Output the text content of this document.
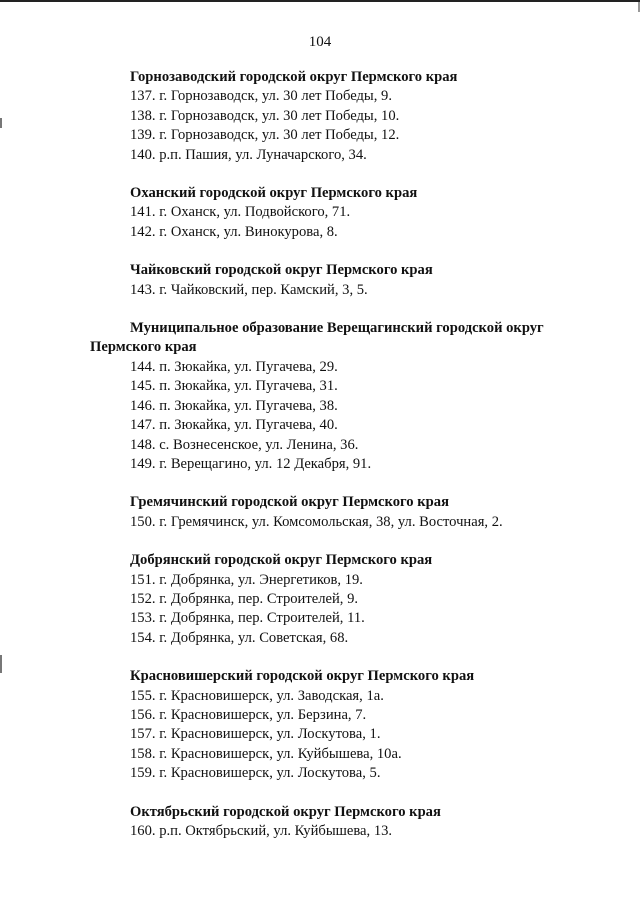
104
Горнозаводский городской округ Пермского края
137. г. Горнозаводск, ул. 30 лет Победы, 9.
138. г. Горнозаводск, ул. 30 лет Победы, 10.
139. г. Горнозаводск, ул. 30 лет Победы, 12.
140. р.п. Пашия, ул. Луначарского, 34.
Оханский городской округ Пермского края
141. г. Оханск, ул. Подвойского, 71.
142. г. Оханск, ул. Винокурова, 8.
Чайковский городской округ Пермского края
143. г. Чайковский, пер. Камский, 3, 5.
Муниципальное образование Верещагинский городской округ Пермского края
144. п. Зюкайка, ул. Пугачева, 29.
145. п. Зюкайка, ул. Пугачева, 31.
146. п. Зюкайка, ул. Пугачева, 38.
147. п. Зюкайка, ул. Пугачева, 40.
148. с. Вознесенское, ул. Ленина, 36.
149. г. Верещагино, ул. 12 Декабря, 91.
Гремячинский городской округ Пермского края
150. г. Гремячинск, ул. Комсомольская, 38, ул. Восточная, 2.
Добрянский городской округ Пермского края
151. г. Добрянка, ул. Энергетиков, 19.
152. г. Добрянка, пер. Строителей, 9.
153. г. Добрянка, пер. Строителей, 11.
154. г. Добрянка, ул. Советская, 68.
Красновишерский городской округ Пермского края
155. г. Красновишерск, ул. Заводская, 1а.
156. г. Красновишерск, ул. Берзина, 7.
157. г. Красновишерск, ул. Лоскутова, 1.
158. г. Красновишерск, ул. Куйбышева, 10а.
159. г. Красновишерск, ул. Лоскутова, 5.
Октябрьский городской округ Пермского края
160. р.п. Октябрьский, ул. Куйбышева, 13.
